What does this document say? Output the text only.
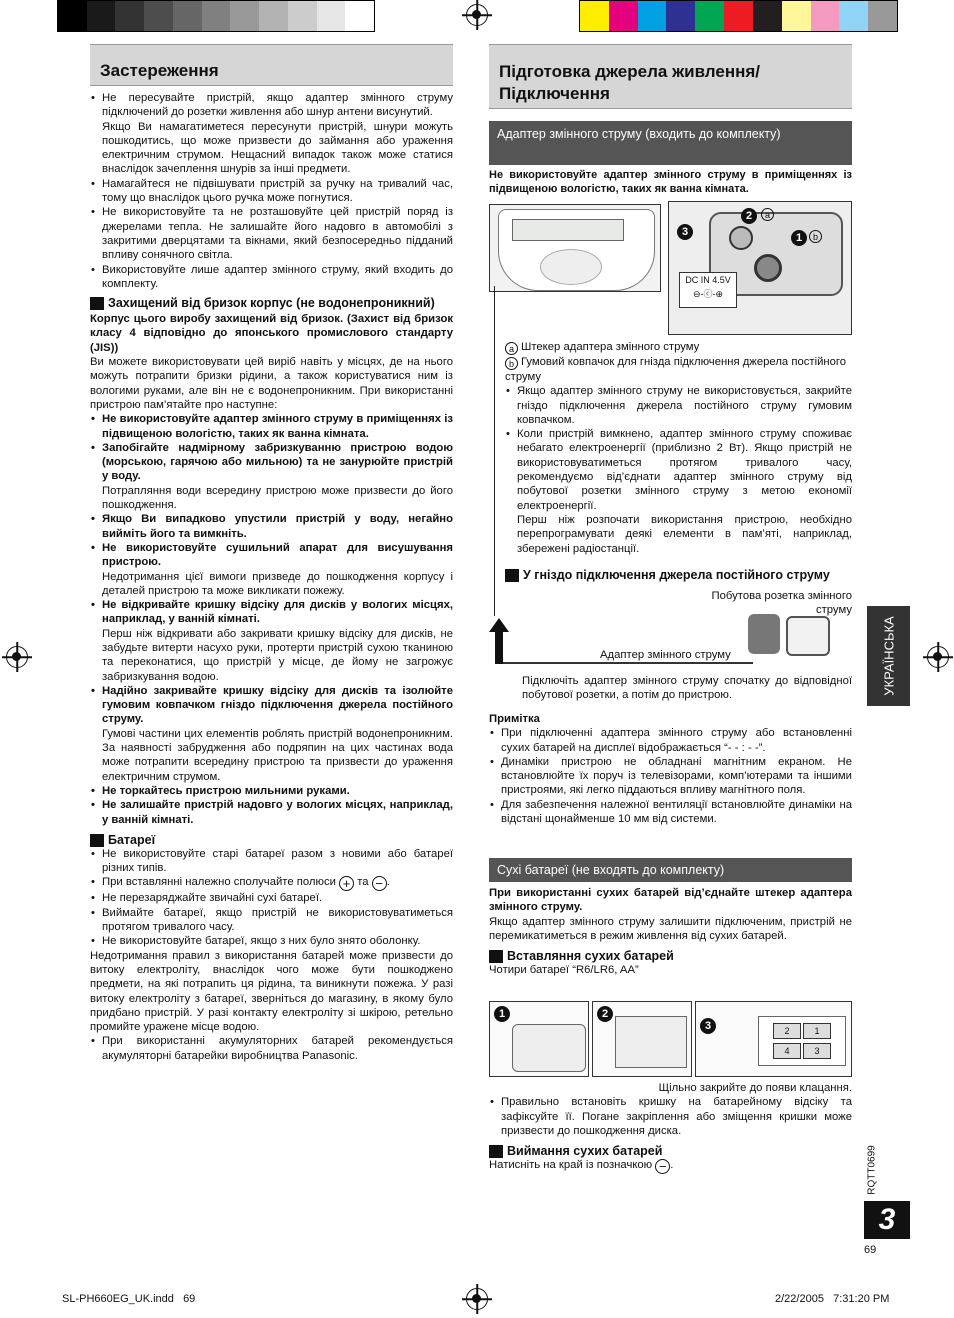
Застереження

• Не пересувайте пристрій, якщо адаптер змінного струму підключений до розетки живлення або шнур антени висунутий.

Якщо Ви намагатиметеся пересунути пристрій, шнури можуть пошкодитись, що може призвести до займання або ураження електричним струмом. Нещасний випадок також може статися внаслідок зачеплення шнурів за інші предмети.

• Намагайтеся не підвішувати пристрій за ручку на тривалий час, тому що внаслідок цього ручка може погнутися.

• Не використовуйте та не розташовуйте цей пристрій поряд із джерелами тепла. Не залишайте його надовго в автомобілі з закритими дверцятами та вікнами, який безпосередньо підданий впливу сонячного світла.

• Використовуйте лише адаптер змінного струму, який входить до комплекту.

Захищений від бризок корпус (не водонепроникний)

Корпус цього виробу захищений від бризок. (Захист від бризок класу 4 відповідно до японського промислового стандарту (JIS))

Ви можете використовувати цей виріб навіть у місцях, де на нього можуть потрапити бризки рідини, а також користуватися ним із вологими руками, але він не є водонепроникним. При використанні пристрою пам’ятайте про наступне:

• Не використовуйте адаптер змінного струму в приміщеннях із підвищеною вологістю, таких як ванна кімната.

• Запобігайте надмірному забризкуванню пристрою водою (морською, гарячою або мильною) та не занурюйте пристрій у воду.

Потрапляння води всередину пристрою може призвести до його пошкодження.

• Якщо Ви випадково упустили пристрій у воду, негайно вийміть його та вимкніть.

• Не використовуйте сушильний апарат для висушування пристрою.

Недотримання цієї вимоги призведе до пошкодження корпусу і деталей пристрою та може викликати пожежу.

• Не відкривайте кришку відсіку для дисків у вологих місцях, наприклад, у ванній кімнаті.

Перш ніж відкривати або закривати кришку відсіку для дисків, не забудьте витерти насухо руки, протерти пристрій сухою тканиною та переконатися, що пристрій у місце, де йому не загрожує забризкування водою.

• Надійно закривайте кришку відсіку для дисків та ізолюйте гумовим ковпачком гніздо підключення джерела постійного струму.

Гумові частини цих елементів роблять пристрій водонепроникним. За наявності забрудження або подряпин на цих частинах вода може потрапити всередину пристрою та призвести до ураження електричним струмом.

• Не торкайтесь пристрою мильними руками.

• Не залишайте пристрій надовго у вологих місцях, наприклад, у ванній кімнаті.

Батареї

• Не використовуйте старі батареї разом з новими або батареї різних типів.

• При вставлянні належно сполучайте полюси + та − .

• Не перезаряджайте звичайні сухі батареї.

• Виймайте батареї, якщо пристрій не використовуватиметься протягом тривалого часу.

• Не використовуйте батареї, якщо з них було знято оболонку.

Недотримання правил з використання батарей може призвести до витоку електроліту, внаслідок чого може бути пошкоджено предмети, на які потрапить ця рідина, та виникнути пожежа. У разі витоку електроліту з батареї, зверніться до магазину, в якому було придбано пристрій. У разі контакту електроліту зі шкірою, ретельно промийте уражене місце водою.

• При використанні акумуляторних батарей рекомендується акумуляторні батарейки виробництва Panasonic.

Підготовка джерела живлення/
Підключення
Адаптер змінного струму (входить до комплекту)

Не використовуйте адаптер змінного струму в приміщеннях із підвищеною вологістю, таких як ванна кімната.

3
2
1
a
b
DC IN 4.5V
⊖-ⓒ-⊕

a Штекер адаптера змінного струму

b Гумовий ковпачок для гнізда підключення джерела постійного струму

• Якщо адаптер змінного струму не використовується, закрийте гніздо підключення джерела постійного струму гумовим ковпачком.

• Коли пристрій вимкнено, адаптер змінного струму споживає небагато електроенергії (приблизно 2 Вт). Якщо пристрій не використовуватиметься протягом тривалого часу, рекомендуємо від’єднати адаптер змінного струму від побутової розетки змінного струму з метою економії електроенергії.

Перш ніж розпочати використання пристрою, необхідно перепрограмувати деякі елементи в пам’яті, наприклад, збережені радіостанції.

У гніздо підключення джерела постійного струму

Побутова розетка змінного струму

Адаптер змінного струму

Підключіть адаптер змінного струму спочатку до відповідної побутової розетки, а потім до пристрою.

Примітка

• При підключенні адаптера змінного струму або встановленні сухих батарей на дисплеї відображається “- - : - -”.

• Динаміки пристрою не обладнані магнітним екраном. Не встановлюйте їх поруч із телевізорами, комп’ютерами та іншими пристроями, які легко піддаються впливу магнітного поля.

• Для забезпечення належної вентиляції встановлюйте динаміки на відстані щонайменше 10 мм від системи.

Сухі батареї (не входять до комплекту)

При використанні сухих батарей від’єднайте штекер адаптера змінного струму.

Якщо адаптер змінного струму залишити підключеним, пристрій не перемикатиметься в режим живлення від сухих батарей.

Вставляння сухих батарей

Чотири батареї “R6/LR6, AA”

1	2
3	2	1
4	3

Щільно закрийте до появи клацання.

• Правильно встановіть кришку на батарейному відсіку та зафіксуйте її. Погане закріплення або зміщення кришки може призвести до пошкодження диска.

Виймання сухих батарей

Натисніть на край із позначкою − .

УКРАЇНСЬКА
RQTT0699
3
69
SL-PH660EG_UK.indd   69	2/22/2005   7:31:20 PM
